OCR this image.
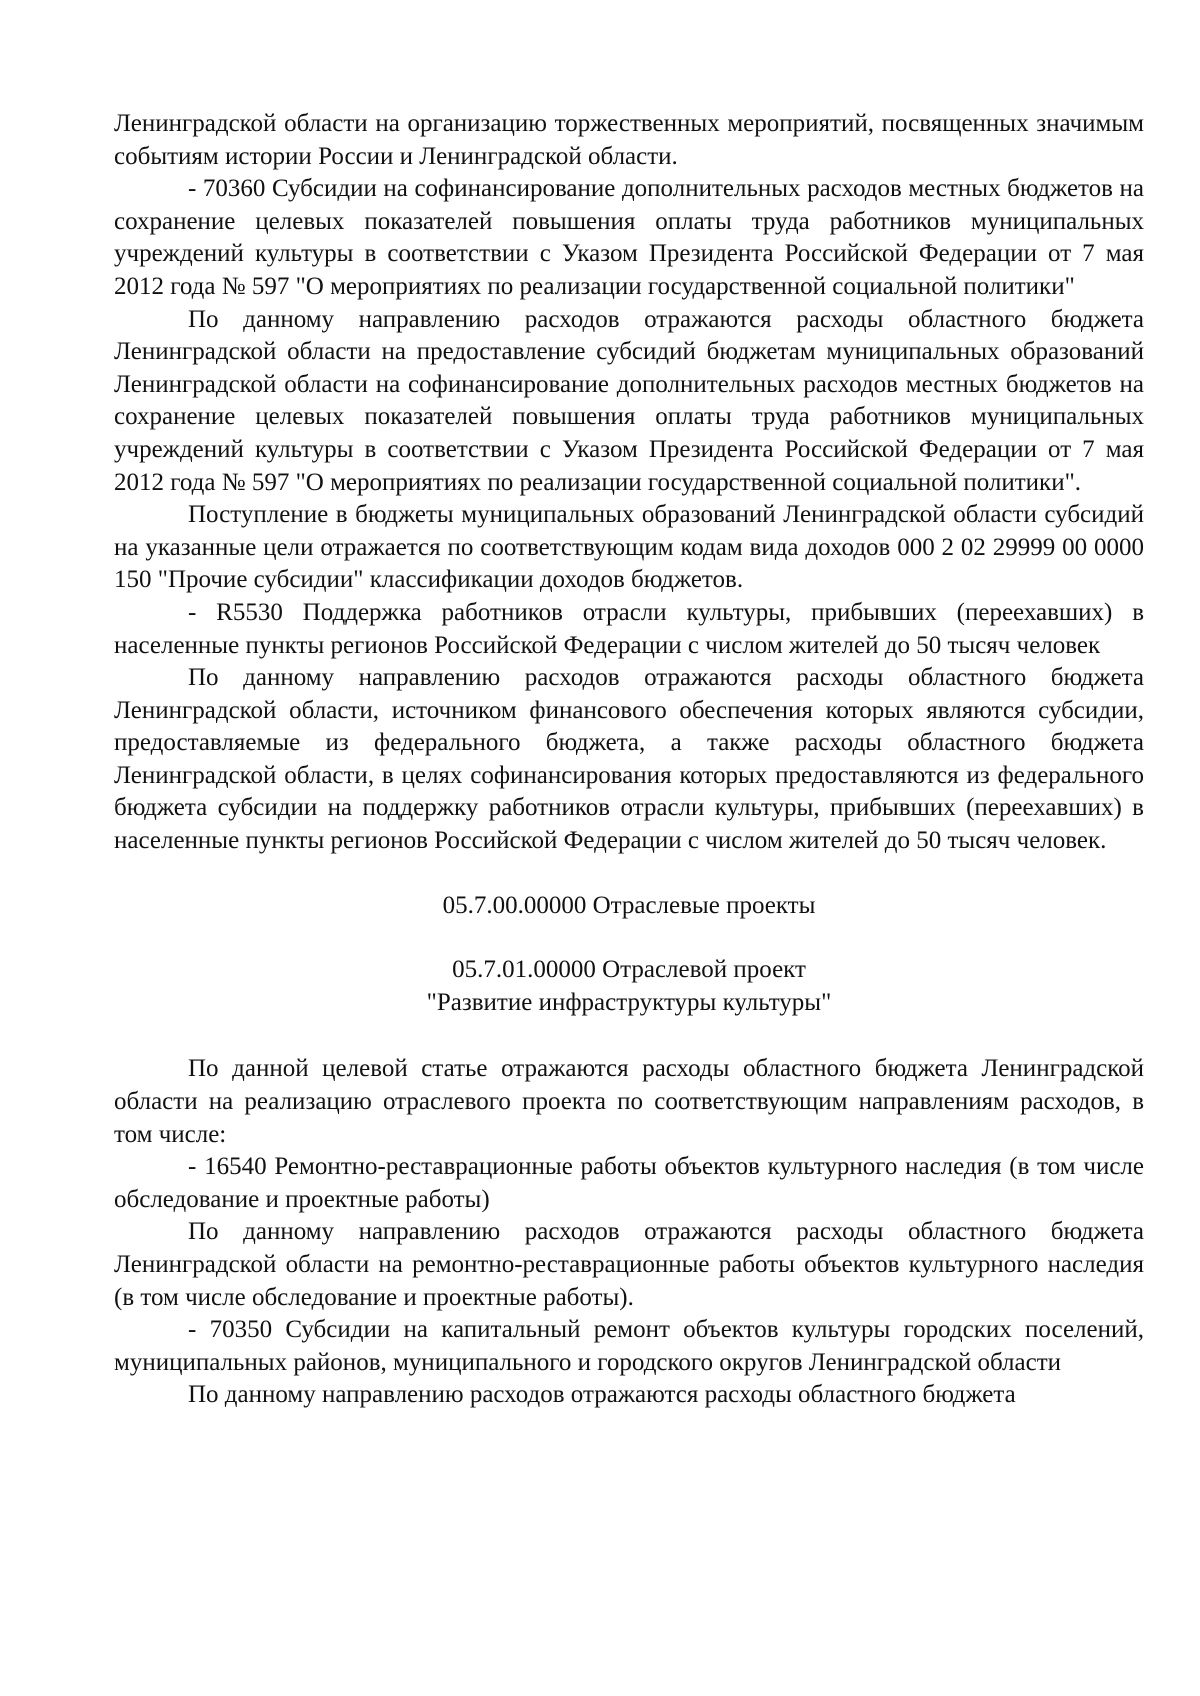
Ленинградской области на организацию торжественных мероприятий, посвященных значимым событиям истории России и Ленинградской области.

- 70360 Субсидии на софинансирование дополнительных расходов местных бюджетов на сохранение целевых показателей повышения оплаты труда работников муниципальных учреждений культуры в соответствии с Указом Президента Российской Федерации от 7 мая 2012 года № 597 "О мероприятиях по реализации государственной социальной политики"

По данному направлению расходов отражаются расходы областного бюджета Ленинградской области на предоставление субсидий бюджетам муниципальных образований Ленинградской области на софинансирование дополнительных расходов местных бюджетов на сохранение целевых показателей повышения оплаты труда работников муниципальных учреждений культуры в соответствии с Указом Президента Российской Федерации от 7 мая 2012 года № 597 "О мероприятиях по реализации государственной социальной политики".

Поступление в бюджеты муниципальных образований Ленинградской области субсидий на указанные цели отражается по соответствующим кодам вида доходов 000 2 02 29999 00 0000 150 "Прочие субсидии" классификации доходов бюджетов.

- R5530 Поддержка работников отрасли культуры, прибывших (переехавших) в населенные пункты регионов Российской Федерации с числом жителей до 50 тысяч человек

По данному направлению расходов отражаются расходы областного бюджета Ленинградской области, источником финансового обеспечения которых являются субсидии, предоставляемые из федерального бюджета, а также расходы областного бюджета Ленинградской области, в целях софинансирования которых предоставляются из федерального бюджета субсидии на поддержку работников отрасли культуры, прибывших (переехавших) в населенные пункты регионов Российской Федерации с числом жителей до 50 тысяч человек.

05.7.00.00000 Отраслевые проекты

05.7.01.00000 Отраслевой проект
"Развитие инфраструктуры культуры"

По данной целевой статье отражаются расходы областного бюджета Ленинградской области на реализацию отраслевого проекта по соответствующим направлениям расходов, в том числе:

- 16540 Ремонтно-реставрационные работы объектов культурного наследия (в том числе обследование и проектные работы)

По данному направлению расходов отражаются расходы областного бюджета Ленинградской области на ремонтно-реставрационные работы объектов культурного наследия (в том числе обследование и проектные работы).

- 70350 Субсидии на капитальный ремонт объектов культуры городских поселений, муниципальных районов, муниципального и городского округов Ленинградской области

По данному направлению расходов отражаются расходы областного бюджета
